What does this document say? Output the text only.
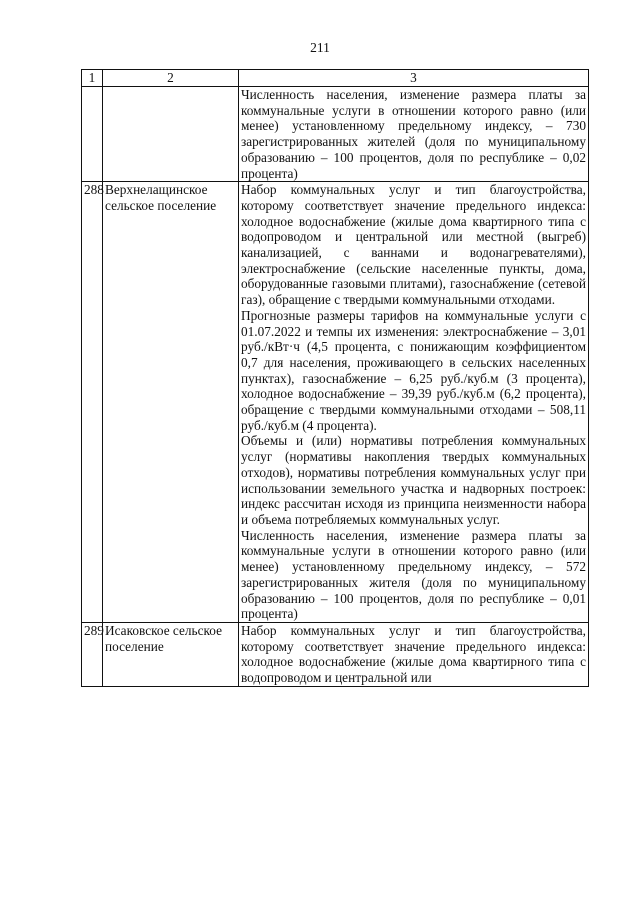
211
1	2	3

		Численность населения, изменение размера платы за коммунальные услуги в отношении которого равно (или менее) установленному предельному индексу, – 730 зарегистрированных жителей (доля по муниципальному образованию – 100 процентов, доля по республике – 0,02 процента)

288	Верхнелащинское сельское поселение	Набор коммунальных услуг и тип благоустройства, которому соответствует значение предельного индекса: холодное водоснабжение (жилые дома квартирного типа с водопроводом и центральной или местной (выгреб) канализацией, с ваннами и водонагревателями), электроснабжение (сельские населенные пункты, дома, оборудованные газовыми плитами), газоснабжение (сетевой газ), обращение с твердыми коммунальными отходами.

Прогнозные размеры тарифов на коммунальные услуги с 01.07.2022 и темпы их изменения: электроснабжение – 3,01 руб./кВт·ч (4,5 процента, с понижающим коэффициентом 0,7 для населения, проживающего в сельских населенных пунктах), газоснабжение – 6,25 руб./куб.м (3 процента), холодное водоснабжение – 39,39 руб./куб.м (6,2 процента), обращение с твердыми коммунальными отходами – 508,11 руб./куб.м (4 процента).

Объемы и (или) нормативы потребления коммунальных услуг (нормативы накопления твердых коммунальных отходов), нормативы потребления коммунальных услуг при использовании земельного участка и надворных построек: индекс рассчитан исходя из принципа неизменности набора и объема потребляемых коммунальных услуг.

Численность населения, изменение размера платы за коммунальные услуги в отношении которого равно (или менее) установленному предельному индексу, – 572 зарегистрированных жителя (доля по муниципальному образованию – 100 процентов, доля по республике – 0,01 процента)

289	Исаковское сельское поселение	Набор коммунальных услуг и тип благоустройства, которому соответствует значение предельного индекса: холодное водоснабжение (жилые дома квартирного типа с водопроводом и центральной или
